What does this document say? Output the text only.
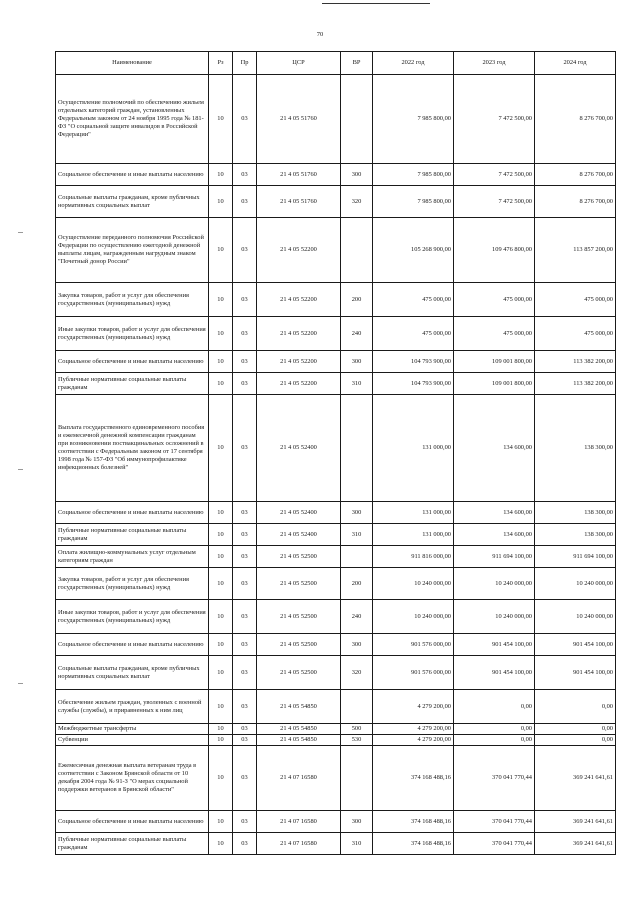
70
Наименование	Рз	Пр	ЦСР	ВР	2022 год	2023 год	2024 год
Осуществление полномочий по обеспечению жильем отдельных категорий граждан, установленных Федеральным законом от 24 ноября 1995 года № 181-ФЗ "О социальной защите инвалидов в Российской Федерации"	10	03	21 4 05 51760		7 985 800,00	7 472 500,00	8 276 700,00
Социальное обеспечение и иные выплаты населению	10	03	21 4 05 51760	300	7 985 800,00	7 472 500,00	8 276 700,00
Социальные выплаты гражданам, кроме публичных нормативных социальных выплат	10	03	21 4 05 51760	320	7 985 800,00	7 472 500,00	8 276 700,00
Осуществление переданного полномочия Российской Федерации по осуществлению ежегодной денежной выплаты лицам, награжденным нагрудным знаком "Почетный донор России"	10	03	21 4 05 52200		105 268 900,00	109 476 800,00	113 857 200,00
Закупка товаров, работ и услуг для обеспечения государственных (муниципальных) нужд	10	03	21 4 05 52200	200	475 000,00	475 000,00	475 000,00
Иные закупки товаров, работ и услуг для обеспечения государственных (муниципальных) нужд	10	03	21 4 05 52200	240	475 000,00	475 000,00	475 000,00
Социальное обеспечение и иные выплаты населению	10	03	21 4 05 52200	300	104 793 900,00	109 001 800,00	113 382 200,00
Публичные нормативные социальные выплаты гражданам	10	03	21 4 05 52200	310	104 793 900,00	109 001 800,00	113 382 200,00
Выплата государственного единовременного пособия и ежемесячной денежной компенсации гражданам при возникновении поствакцинальных осложнений в соответствии с Федеральным законом от 17 сентября 1998 года № 157-ФЗ "Об иммунопрофилактике инфекционных болезней"	10	03	21 4 05 52400		131 000,00	134 600,00	138 300,00
Социальное обеспечение и иные выплаты населению	10	03	21 4 05 52400	300	131 000,00	134 600,00	138 300,00
Публичные нормативные социальные выплаты гражданам	10	03	21 4 05 52400	310	131 000,00	134 600,00	138 300,00
Оплата жилищно-коммунальных услуг отдельным категориям граждан	10	03	21 4 05 52500		911 816 000,00	911 694 100,00	911 694 100,00
Закупка товаров, работ и услуг для обеспечения государственных (муниципальных) нужд	10	03	21 4 05 52500	200	10 240 000,00	10 240 000,00	10 240 000,00
Иные закупки товаров, работ и услуг для обеспечения государственных (муниципальных) нужд	10	03	21 4 05 52500	240	10 240 000,00	10 240 000,00	10 240 000,00
Социальное обеспечение и иные выплаты населению	10	03	21 4 05 52500	300	901 576 000,00	901 454 100,00	901 454 100,00
Социальные выплаты гражданам, кроме публичных нормативных социальных выплат	10	03	21 4 05 52500	320	901 576 000,00	901 454 100,00	901 454 100,00
Обеспечение жильем граждан, уволенных с военной службы (службы), и приравненных к ним лиц	10	03	21 4 05 54850		4 279 200,00	0,00	0,00
Межбюджетные трансферты	10	03	21 4 05 54850	500	4 279 200,00	0,00	0,00
Субвенции	10	03	21 4 05 54850	530	4 279 200,00	0,00	0,00
Ежемесячная денежная выплата ветеранам труда в соответствии с Законом Брянской области от 10 декабря 2004 года № 91-З "О мерах социальной поддержки ветеранов в Брянской области"	10	03	21 4 07 16580		374 168 488,16	370 041 770,44	369 241 641,61
Социальное обеспечение и иные выплаты населению	10	03	21 4 07 16580	300	374 168 488,16	370 041 770,44	369 241 641,61
Публичные нормативные социальные выплаты гражданам	10	03	21 4 07 16580	310	374 168 488,16	370 041 770,44	369 241 641,61
